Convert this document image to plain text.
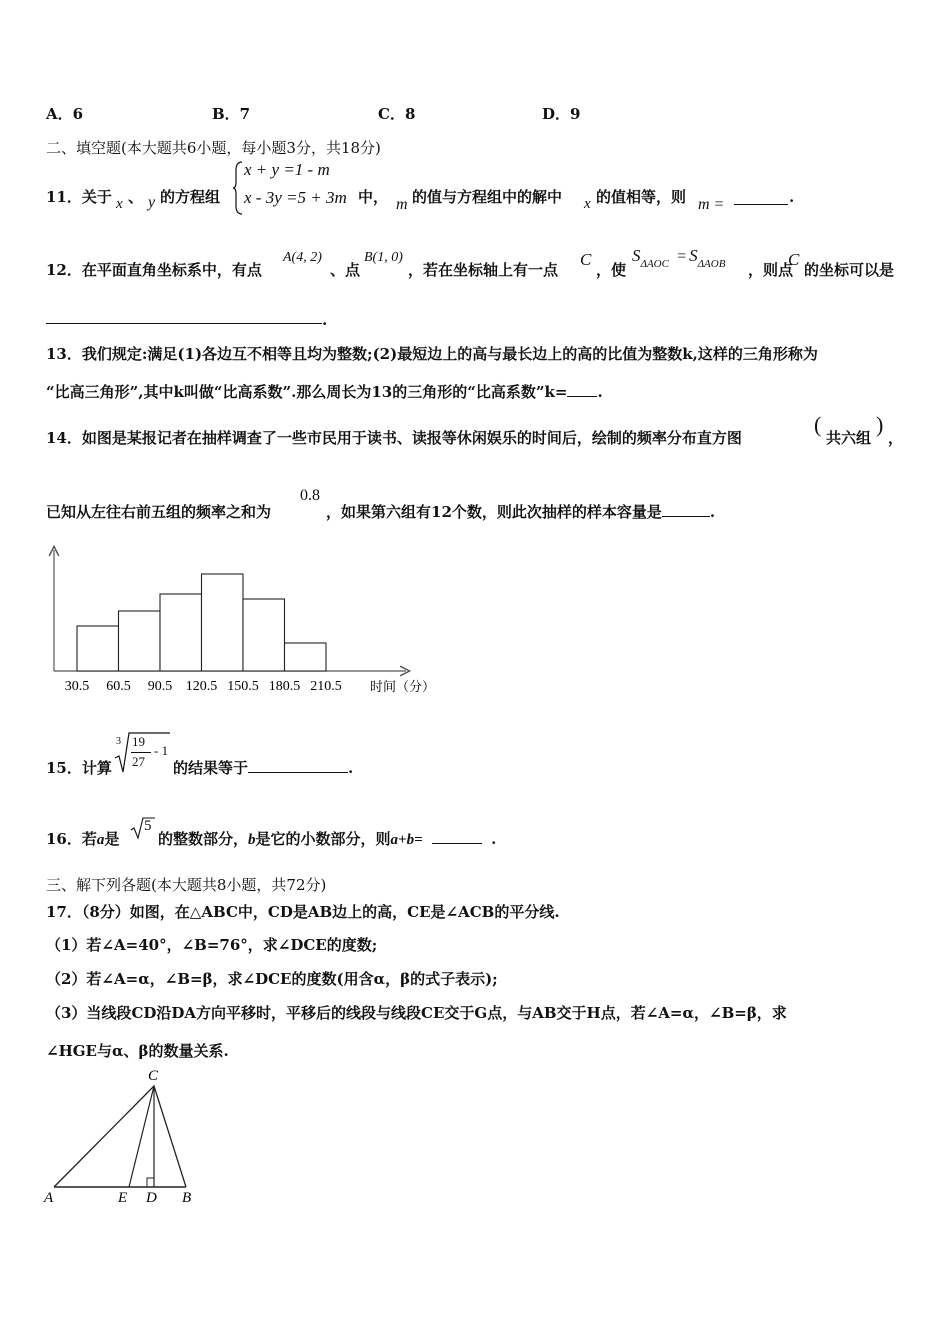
A．6	B．7	C．8	D．9
二、填空题(本大题共6小题，每小题3分，共18分)
11．关于 x 、 y 的方程组
x + y =1 - m
x - 3y =5 + 3m 中， m 的值与方程组中的解中 x 的值相等，则 m =	.
12．在平面直角坐标系中，有点
A(4, 2)
、点
B(1, 0)
，若在坐标轴上有一点
C
，使
$S_{\Delta AOC} = S_{\Delta AOB}$ ，则点
C
的坐标可以是
.
13．我们规定:满足(1)各边互不相等且均为整数;(2)最短边上的高与最长边上的高的比值为整数k,这样的三角形称为
“比高三角形”,其中k叫做“比高系数”.那么周长为13的三角形的“比高系数”k= .
14．如图是某报记者在抽样调查了一些市民用于读书、读报等休闲娱乐的时间后，绘制的频率分布直方图
(
共六组
)
，
已知从左往右前五组的频率之和为
0.8
，如果第六组有12个数，则此次抽样的样本容量是	.
30.5 60.5 90.5 120.5 150.5 180.5 210.5 时间（分）
15．计算
3 19
27
- 1
的结果等于	.
16．若a是
5
的整数部分，b是它的小数部分，则a+b=	.
三、解下列各题(本大题共8小题，共72分)
17．（8分）如图，在△ABC中，CD是AB边上的高，CE是∠ACB的平分线.
（1）若∠A=40°，∠B=76°，求∠DCE的度数;
（2）若∠A=α，∠B=β，求∠DCE的度数(用含α，β的式子表示);
（3）当线段CD沿DA方向平移时，平移后的线段与线段CE交于G点，与AB交于H点，若∠A=α，∠B=β，求
∠HGE与α、β的数量关系.
C
A	E D B
